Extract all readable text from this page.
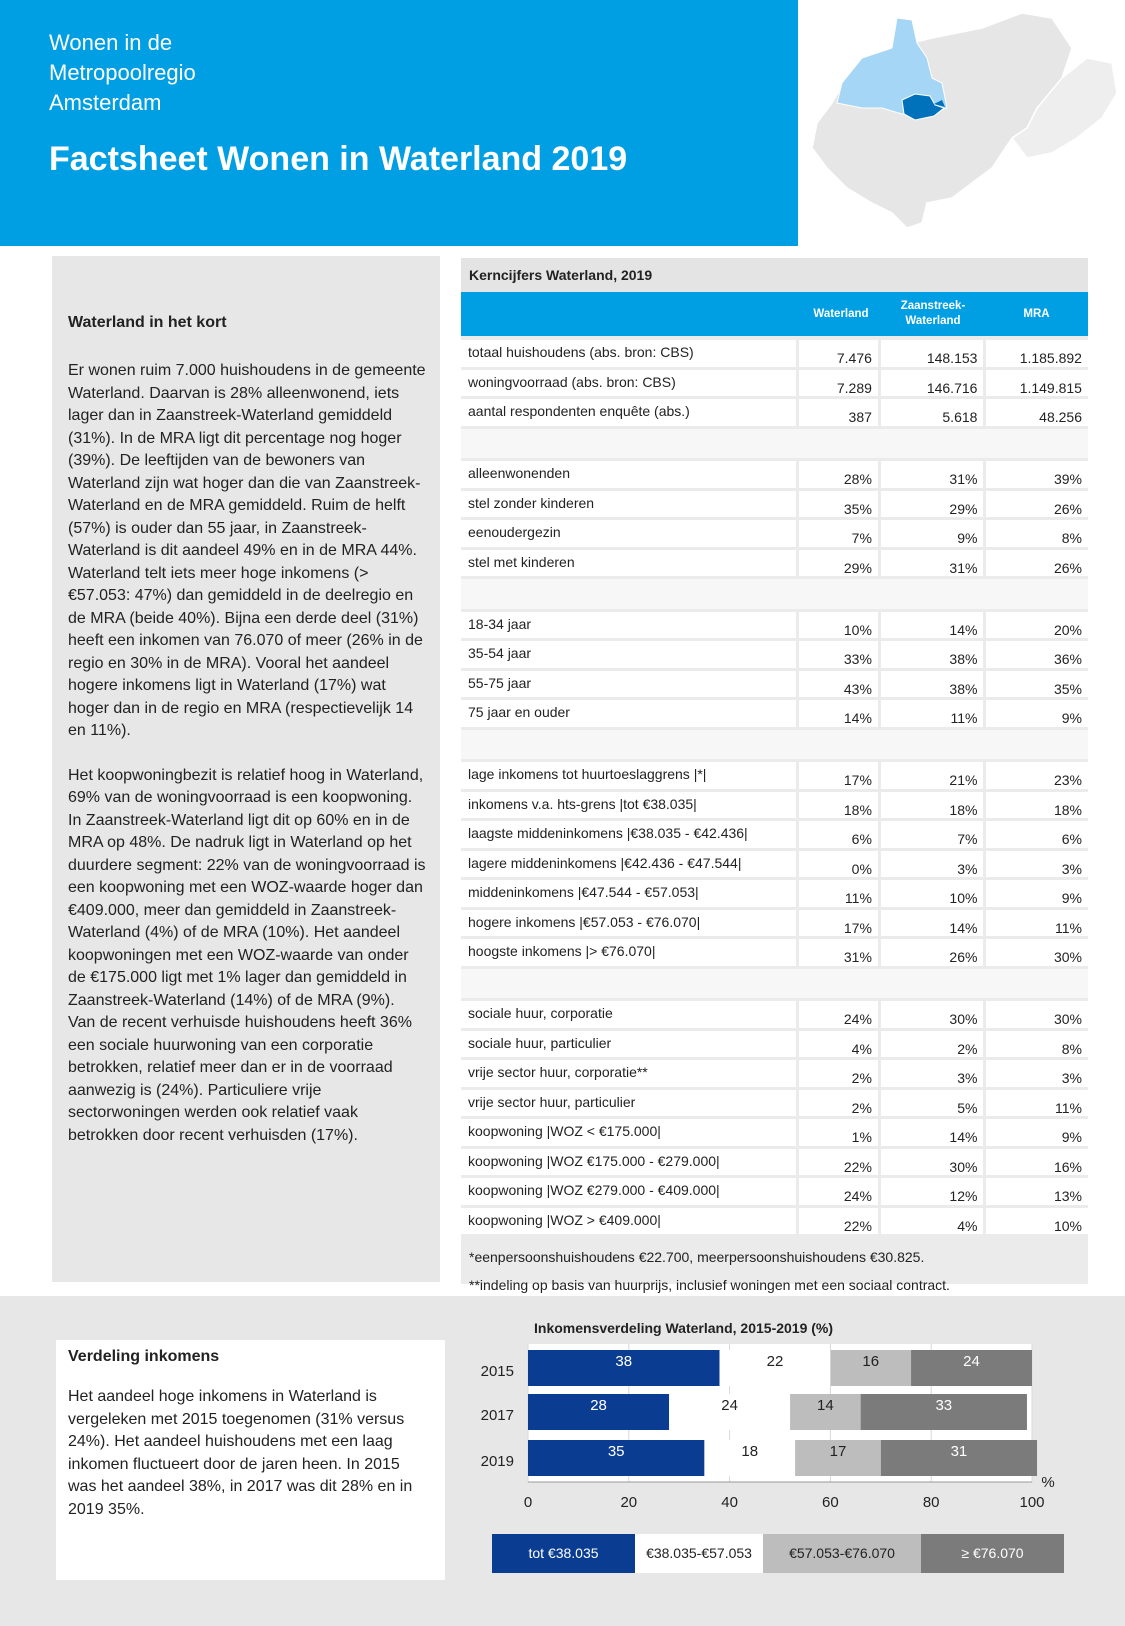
Wonen in de
Metropoolregio
Amsterdam
Factsheet Wonen in Waterland 2019
Waterland in het kort

Er wonen ruim 7.000 huishoudens in de gemeente Waterland. Daarvan is 28% alleenwonend, iets lager dan in Zaanstreek-Waterland gemiddeld (31%). In de MRA ligt dit percentage nog hoger (39%). De leeftijden van de bewoners van Waterland zijn wat hoger dan die van Zaanstreek-Waterland en de MRA gemiddeld. Ruim de helft (57%) is ouder dan 55 jaar, in Zaanstreek-Waterland is dit aandeel 49% en in de MRA 44%. Waterland telt iets meer hoge inkomens (> €57.053: 47%) dan gemiddeld in de deelregio en de MRA (beide 40%). Bijna een derde deel (31%) heeft een inkomen van 76.070 of meer (26% in de regio en 30% in de MRA). Vooral het aandeel hogere inkomens ligt in Waterland (17%) wat hoger dan in de regio en MRA (respectievelijk 14 en 11%).

Het koopwoningbezit is relatief hoog in Waterland, 69% van de woningvoorraad is een koopwoning. In Zaanstreek-Waterland ligt dit op 60% en in de MRA op 48%. De nadruk ligt in Waterland op het duurdere segment: 22% van de woningvoorraad is een koopwoning met een WOZ-waarde hoger dan €409.000, meer dan gemiddeld in Zaanstreek-Waterland (4%) of de MRA (10%). Het aandeel koopwoningen met een WOZ-waarde van onder de €175.000 ligt met 1% lager dan gemiddeld in Zaanstreek-Waterland (14%) of de MRA (9%). Van de recent verhuisde huishoudens heeft 36% een sociale huurwoning van een corporatie betrokken, relatief meer dan er in de voorraad aanwezig is (24%). Particuliere vrije sectorwoningen werden ook relatief vaak betrokken door recent verhuisden (17%).

Kerncijfers Waterland, 2019
Waterland
Zaanstreek-Waterland
MRA
totaal huishoudens (abs. bron: CBS)	7.476	148.153	1.185.892
woningvoorraad (abs. bron: CBS)	7.289	146.716	1.149.815
aantal respondenten enquête (abs.)	387	5.618	48.256
alleenwonenden	28%	31%	39%
stel zonder kinderen	35%	29%	26%
eenoudergezin	7%	9%	8%
stel met kinderen	29%	31%	26%
18-34 jaar	10%	14%	20%
35-54 jaar	33%	38%	36%
55-75 jaar	43%	38%	35%
75 jaar en ouder	14%	11%	9%
lage inkomens tot huurtoeslaggrens |*|	17%	21%	23%
inkomens v.a. hts-grens |tot €38.035|	18%	18%	18%
laagste middeninkomens |€38.035 - €42.436|	6%	7%	6%
lagere middeninkomens |€42.436 - €47.544|	0%	3%	3%
middeninkomens |€47.544 - €57.053|	11%	10%	9%
hogere inkomens |€57.053 - €76.070|	17%	14%	11%
hoogste inkomens |> €76.070|	31%	26%	30%
sociale huur, corporatie	24%	30%	30%
sociale huur, particulier	4%	2%	8%
vrije sector huur, corporatie**	2%	3%	3%
vrije sector huur, particulier	2%	5%	11%
koopwoning |WOZ < €175.000|	1%	14%	9%
koopwoning |WOZ €175.000 - €279.000|	22%	30%	16%
koopwoning |WOZ €279.000 - €409.000|	24%	12%	13%
koopwoning |WOZ > €409.000|	22%	4%	10%
*eenpersoonshuishoudens €22.700, meerpersoonshuishoudens €30.825.
**indeling op basis van huurprijs, inclusief woningen met een sociaal contract.
Verdeling inkomens

Het aandeel hoge inkomens in Waterland is vergeleken met 2015 toegenomen (31% versus 24%). Het aandeel huishoudens met een laag inkomen fluctueert door de jaren heen. In 2015 was het aandeel 38%, in 2017 was dit 28% en in 2019 35%.

Inkomensverdeling Waterland, 2015-2019 (%)
0	20	40	60	80	100
%
2015
38	22	16	24
2017
28	24	14	33
2019
35	18	17	31
tot €38.035	€38.035-€57.053	€57.053-€76.070	≥ €76.070
